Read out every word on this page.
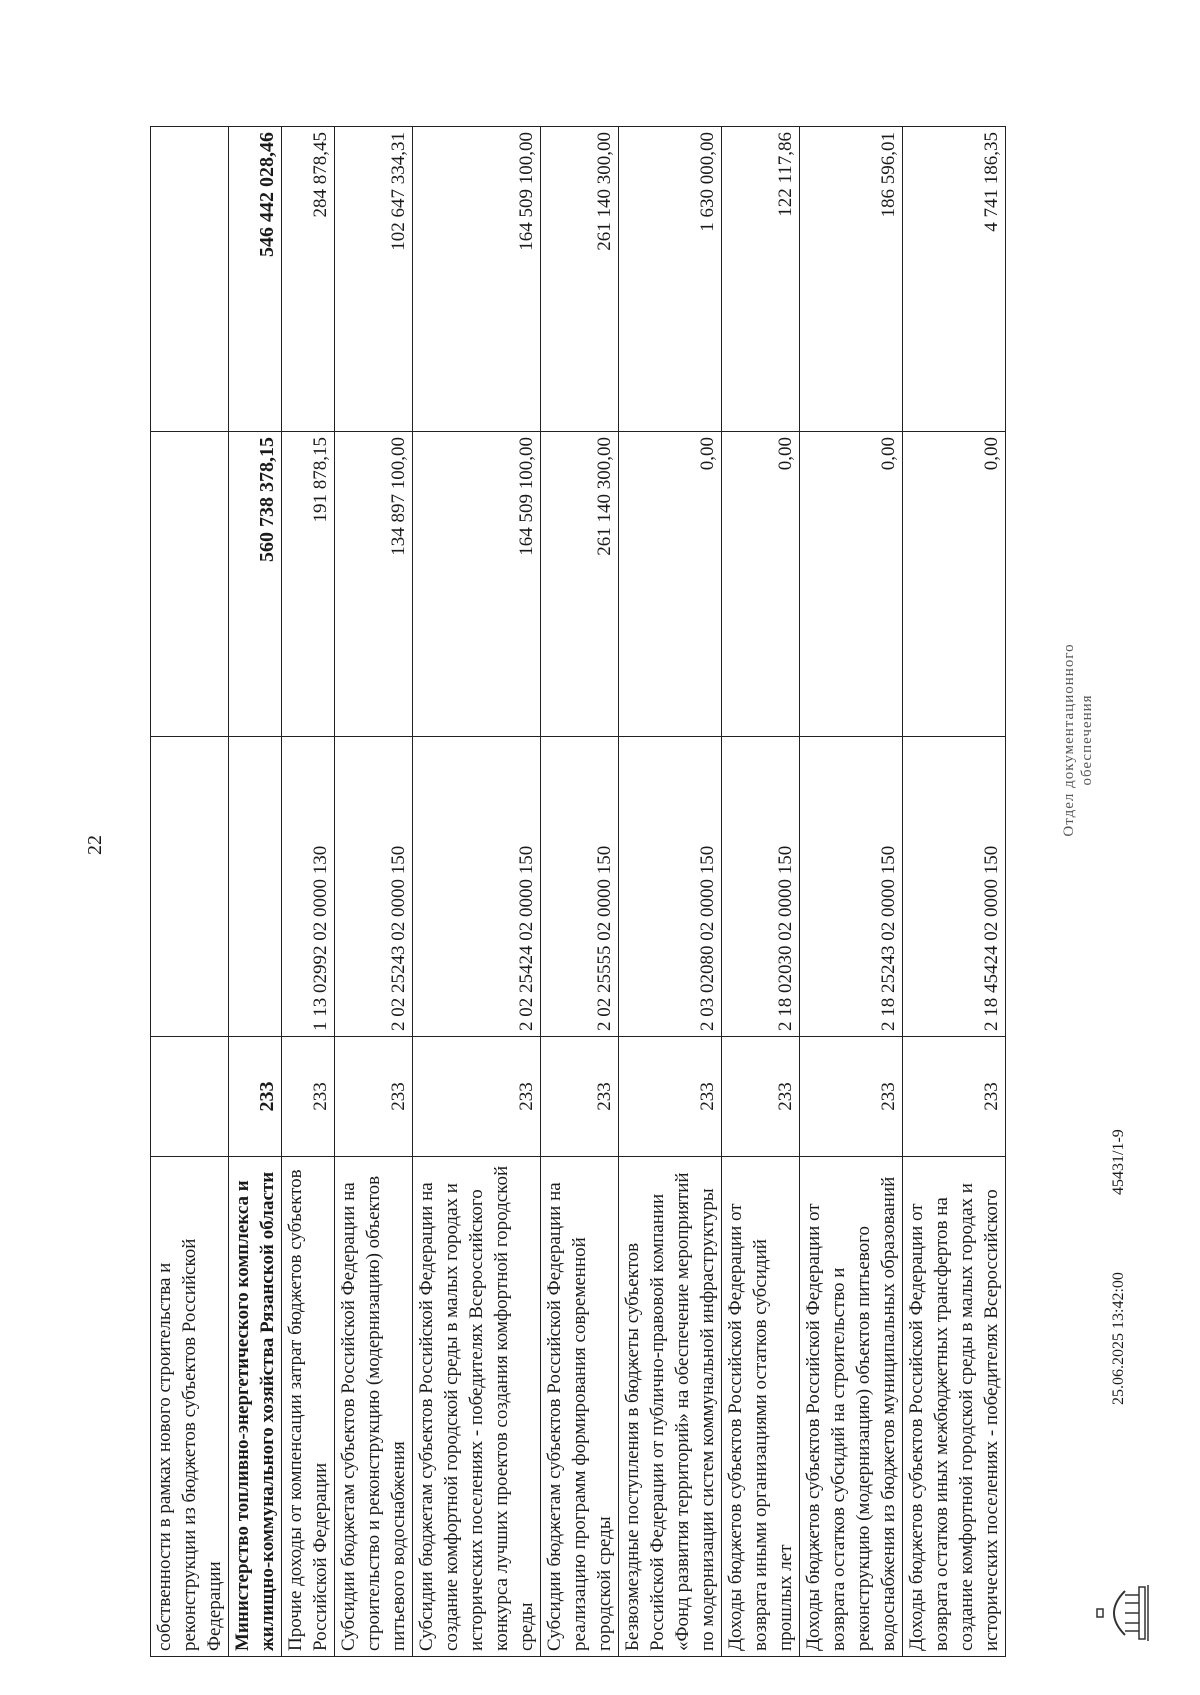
22
собственности в рамках нового строительства и реконструкции из бюджетов субъектов Российской Федерации				
Министерство топливно-энергетического комплекса и жилищно-коммунального хозяйства Рязанской области	233		560 738 378,15	546 442 028,46
Прочие доходы от компенсации затрат бюджетов субъектов Российской Федерации	233	1 13 02992 02 0000 130	191 878,15	284 878,45
Субсидии бюджетам субъектов Российской Федерации на строительство и реконструкцию (модернизацию) объектов питьевого водоснабжения	233	2 02 25243 02 0000 150	134 897 100,00	102 647 334,31
Субсидии бюджетам субъектов Российской Федерации на создание комфортной городской среды в малых городах и исторических поселениях - победителях Всероссийского конкурса лучших проектов создания комфортной городской среды	233	2 02 25424 02 0000 150	164 509 100,00	164 509 100,00
Субсидии бюджетам субъектов Российской Федерации на реализацию программ формирования современной городской среды	233	2 02 25555 02 0000 150	261 140 300,00	261 140 300,00
Безвозмездные поступления в бюджеты субъектов Российской Федерации от публично-правовой компании «Фонд развития территорий» на обеспечение мероприятий по модернизации систем коммунальной инфраструктуры	233	2 03 02080 02 0000 150	0,00	1 630 000,00
Доходы бюджетов субъектов Российской Федерации от возврата иными организациями остатков субсидий прошлых лет	233	2 18 02030 02 0000 150	0,00	122 117,86
Доходы бюджетов субъектов Российской Федерации от возврата остатков субсидий на строительство и реконструкцию (модернизацию) объектов питьевого водоснабжения из бюджетов муниципальных образований	233	2 18 25243 02 0000 150	0,00	186 596,01
Доходы бюджетов субъектов Российской Федерации от возврата остатков иных межбюджетных трансфертов на создание комфортной городской среды в малых городах и исторических поселениях - победителях Всероссийского	233	2 18 45424 02 0000 150	0,00	4 741 186,35
25.06.2025 13:42:00
45431/1-9
Отдел документационного обеспечения
